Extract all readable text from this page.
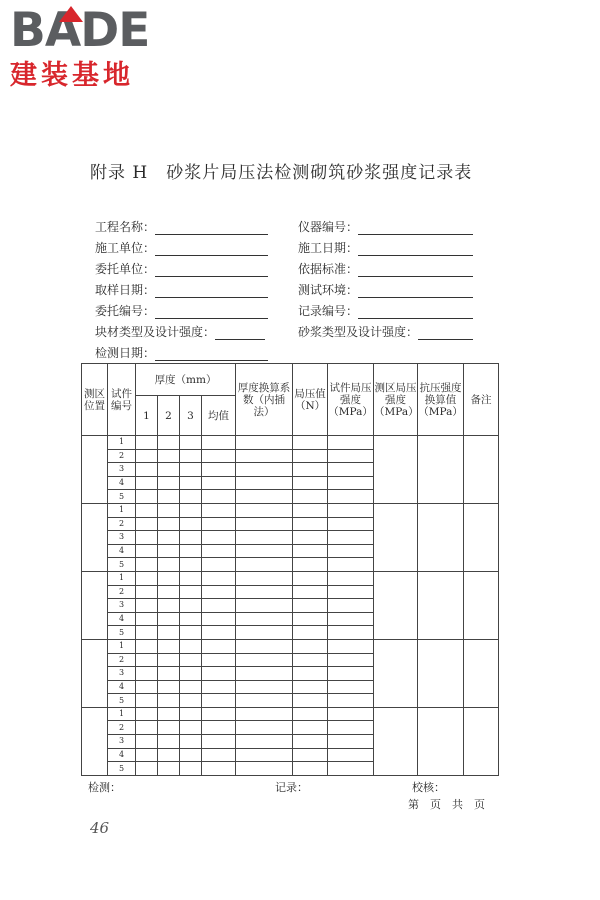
BADE
建装基地
附录 H　砂浆片局压法检测砌筑砂浆强度记录表
工程名称：	仪器编号：
施工单位：	施工日期：
委托单位：	依据标准：
取样日期：	测试环境：
委托编号：	记录编号：
块材类型及设计强度：	砂浆类型及设计强度：
检测日期：
测区位置	试件编号	厚度（mm）				厚度换算系数（内插法）	局压值（N）	试件局压强度（MPa）	测区局压强度（MPa）	抗压强度换算值（MPa）	备注
		1	2	3	均值						
	1										
	2										
	3										
	4										
	5										
	1										
	2										
	3										
	4										
	5										
	1										
	2										
	3										
	4										
	5										
	1										
	2										
	3										
	4										
	5										
	1										
	2										
	3										
	4										
	5										
检测：	记录：	校核：
第　页　共　页
46
